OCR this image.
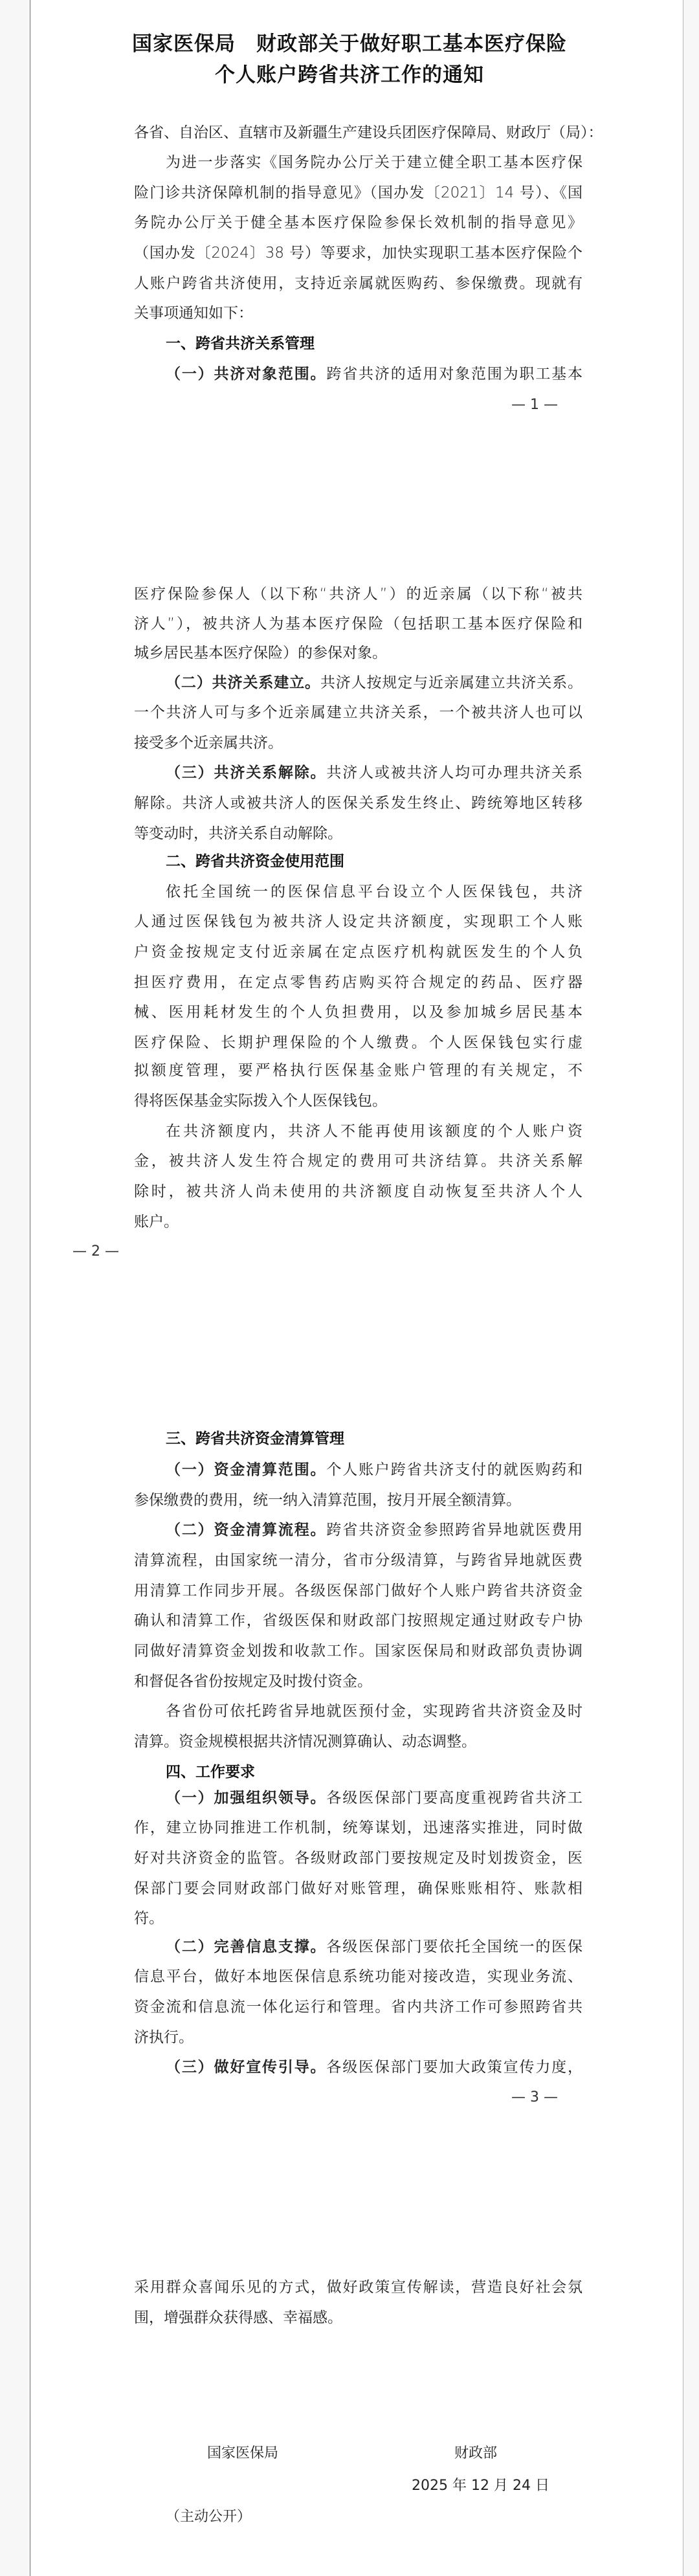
国家医保局　财政部关于做好职工基本医疗保险
个人账户跨省共济工作的通知
各省、自治区、直辖市及新疆生产建设兵团医疗保障局、财政厅（局）：
为进一步落实《国务院办公厅关于建立健全职工基本医疗保
险门诊共济保障机制的指导意见》（国办发〔2021〕14 号）、《国
务院办公厅关于健全基本医疗保险参保长效机制的指导意见》
（国办发〔2024〕38 号）等要求，加快实现职工基本医疗保险个
人账户跨省共济使用，支持近亲属就医购药、参保缴费。现就有
关事项通知如下：
一、跨省共济关系管理
（一）共济对象范围。跨省共济的适用对象范围为职工基本
— 1 —
医疗保险参保人（以下称“共济人”）的近亲属（以下称“被共
济人”），被共济人为基本医疗保险（包括职工基本医疗保险和
城乡居民基本医疗保险）的参保对象。
（二）共济关系建立。共济人按规定与近亲属建立共济关系。
一个共济人可与多个近亲属建立共济关系，一个被共济人也可以
接受多个近亲属共济。
（三）共济关系解除。共济人或被共济人均可办理共济关系
解除。共济人或被共济人的医保关系发生终止、跨统筹地区转移
等变动时，共济关系自动解除。
二、跨省共济资金使用范围
依托全国统一的医保信息平台设立个人医保钱包，共济
人通过医保钱包为被共济人设定共济额度，实现职工个人账
户资金按规定支付近亲属在定点医疗机构就医发生的个人负
担医疗费用，在定点零售药店购买符合规定的药品、医疗器
械、医用耗材发生的个人负担费用，以及参加城乡居民基本
医疗保险、长期护理保险的个人缴费。个人医保钱包实行虚
拟额度管理，要严格执行医保基金账户管理的有关规定，不
得将医保基金实际拨入个人医保钱包。
在共济额度内，共济人不能再使用该额度的个人账户资
金，被共济人发生符合规定的费用可共济结算。共济关系解
除时，被共济人尚未使用的共济额度自动恢复至共济人个人
账户。
— 2 —
三、跨省共济资金清算管理
（一）资金清算范围。个人账户跨省共济支付的就医购药和
参保缴费的费用，统一纳入清算范围，按月开展全额清算。
（二）资金清算流程。跨省共济资金参照跨省异地就医费用
清算流程，由国家统一清分，省市分级清算，与跨省异地就医费
用清算工作同步开展。各级医保部门做好个人账户跨省共济资金
确认和清算工作，省级医保和财政部门按照规定通过财政专户协
同做好清算资金划拨和收款工作。国家医保局和财政部负责协调
和督促各省份按规定及时拨付资金。
各省份可依托跨省异地就医预付金，实现跨省共济资金及时
清算。资金规模根据共济情况测算确认、动态调整。
四、工作要求
（一）加强组织领导。各级医保部门要高度重视跨省共济工
作，建立协同推进工作机制，统筹谋划，迅速落实推进，同时做
好对共济资金的监管。各级财政部门要按规定及时划拨资金，医
保部门要会同财政部门做好对账管理，确保账账相符、账款相
符。
（二）完善信息支撑。各级医保部门要依托全国统一的医保
信息平台，做好本地医保信息系统功能对接改造，实现业务流、
资金流和信息流一体化运行和管理。省内共济工作可参照跨省共
济执行。
（三）做好宣传引导。各级医保部门要加大政策宣传力度，
— 3 —
采用群众喜闻乐见的方式，做好政策宣传解读，营造良好社会氛
围，增强群众获得感、幸福感。
国家医保局	财政部
2025 年 12 月 24 日
（主动公开）
